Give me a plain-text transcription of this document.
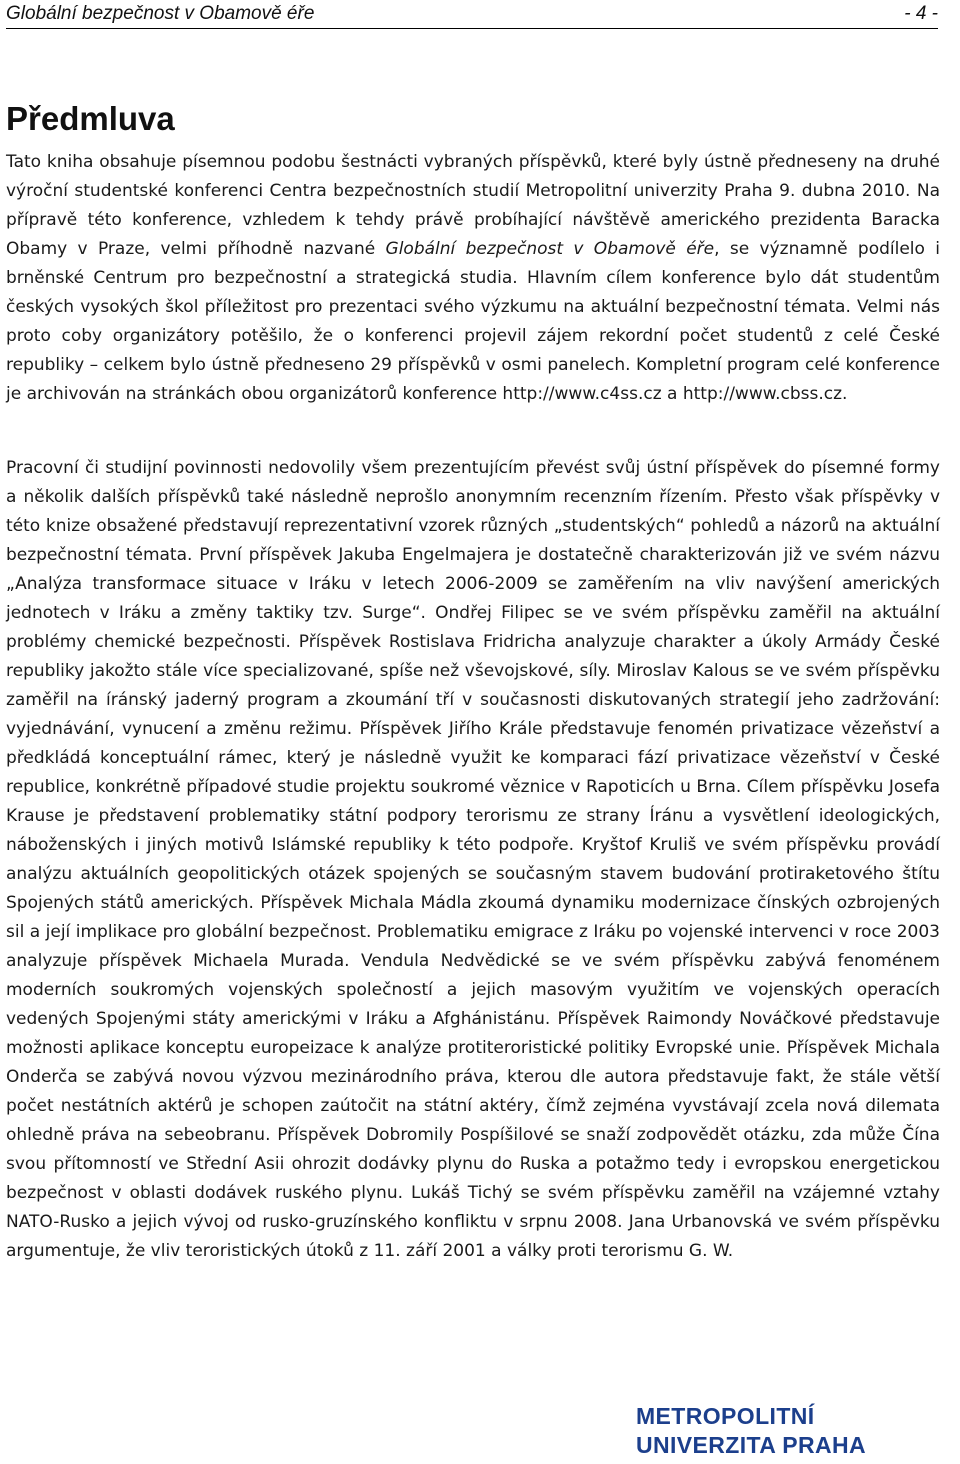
Globální bezpečnost v Obamově éře	- 4 -
Předmluva

Tato kniha obsahuje písemnou podobu šestnácti vybraných příspěvků, které byly ústně předneseny na druhé výroční studentské konferenci Centra bezpečnostních studií Metropolitní univerzity Praha 9. dubna 2010. Na přípravě této konference, vzhledem k tehdy právě probíhající návštěvě amerického prezidenta Baracka Obamy v Praze, velmi příhodně nazvané Globální bezpečnost v Obamově éře, se významně podílelo i brněnské Centrum pro bezpečnostní a strategická studia. Hlavním cílem konference bylo dát studentům českých vysokých škol příležitost pro prezentaci svého výzkumu na aktuální bezpečnostní témata. Velmi nás proto coby organizátory potěšilo, že o konferenci projevil zájem rekordní počet studentů z celé České republiky – celkem bylo ústně předneseno 29 příspěvků v osmi panelech. Kompletní program celé konference je archivován na stránkách obou organizátorů konference http://www.c4ss.cz a http://www.cbss.cz.

Pracovní či studijní povinnosti nedovolily všem prezentujícím převést svůj ústní příspěvek do písemné formy a několik dalších příspěvků také následně neprošlo anonymním recenzním řízením. Přesto však příspěvky v této knize obsažené představují reprezentativní vzorek různých „studentských“ pohledů a názorů na aktuální bezpečnostní témata. První příspěvek Jakuba Engelmajera je dostatečně charakterizován již ve svém názvu „Analýza transformace situace v Iráku v letech 2006-2009 se zaměřením na vliv navýšení amerických jednotech v Iráku a změny taktiky tzv. Surge“. Ondřej Filipec se ve svém příspěvku zaměřil na aktuální problémy chemické bezpečnosti. Příspěvek Rostislava Fridricha analyzuje charakter a úkoly Armády České republiky jakožto stále více specializované, spíše než vševojskové, síly. Miroslav Kalous se ve svém příspěvku zaměřil na íránský jaderný program a zkoumání tří v současnosti diskutovaných strategií jeho zadržování: vyjednávání, vynucení a změnu režimu. Příspěvek Jiřího Krále představuje fenomén privatizace vězeňství a předkládá konceptuální rámec, který je následně využit ke komparaci fází privatizace vězeňství v České republice, konkrétně případové studie projektu soukromé věznice v Rapoticích u Brna. Cílem příspěvku Josefa Krause je představení problematiky státní podpory terorismu ze strany Íránu a vysvětlení ideologických, náboženských i jiných motivů Islámské republiky k této podpoře. Kryštof Kruliš ve svém příspěvku provádí analýzu aktuálních geopolitických otázek spojených se současným stavem budování protiraketového štítu Spojených států amerických. Příspěvek Michala Mádla zkoumá dynamiku modernizace čínských ozbrojených sil a její implikace pro globální bezpečnost. Problematiku emigrace z Iráku po vojenské intervenci v roce 2003 analyzuje příspěvek Michaela Murada. Vendula Nedvědické se ve svém příspěvku zabývá fenoménem moderních soukromých vojenských společností a jejich masovým využitím ve vojenských operacích vedených Spojenými státy americkými v Iráku a Afghánistánu. Příspěvek Raimondy Nováčkové představuje možnosti aplikace konceptu europeizace k analýze protiteroristické politiky Evropské unie. Příspěvek Michala Onderča se zabývá novou výzvou mezinárodního práva, kterou dle autora představuje fakt, že stále větší počet nestátních aktérů je schopen zaútočit na státní aktéry, čímž zejména vyvstávají zcela nová dilemata ohledně práva na sebeobranu. Příspěvek Dobromily Pospíšilové se snaží zodpovědět otázku, zda může Čína svou přítomností ve Střední Asii ohrozit dodávky plynu do Ruska a potažmo tedy i evropskou energetickou bezpečnost v oblasti dodávek ruského plynu. Lukáš Tichý se svém příspěvku zaměřil na vzájemné vztahy NATO-Rusko a jejich vývoj od rusko-gruzínského konfliktu v srpnu 2008. Jana Urbanovská ve svém příspěvku argumentuje, že vliv teroristických útoků z 11. září 2001 a války proti terorismu G. W.

METROPOLITNÍ
UNIVERZITA PRAHA
